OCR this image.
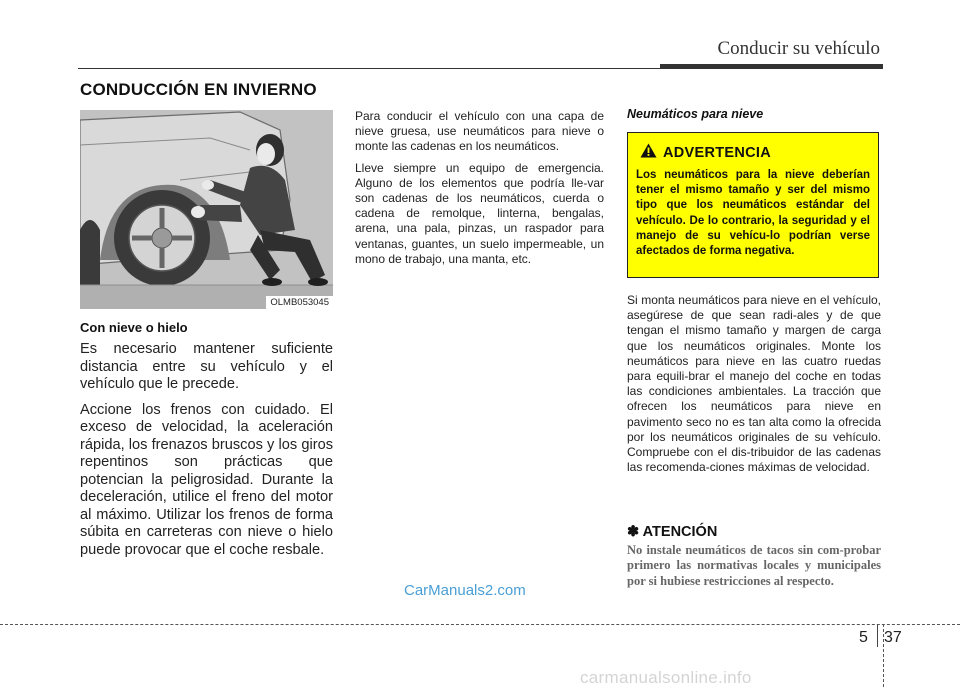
Conducir su vehículo
CONDUCCIÓN EN INVIERNO
OLMB053045
Con nieve o hielo

Es necesario mantener suficiente distancia entre su vehículo y el vehículo que le precede.

Accione los frenos con cuidado. El exceso de velocidad, la aceleración rápida, los frenazos bruscos y los giros repentinos son prácticas que potencian la peligrosidad. Durante la deceleración, utilice el freno del motor al máximo. Utilizar los frenos de forma súbita en carreteras con nieve o hielo puede provocar que el coche resbale.

Para conducir el vehículo con una capa de nieve gruesa, use neumáticos para nieve o monte las cadenas en los neumáticos.

Lleve siempre un equipo de emergencia. Alguno de los elementos que podría lle-var son cadenas de los neumáticos, cuerda o cadena de remolque, linterna, bengalas, arena, una pala, pinzas, un raspador para ventanas, guantes, un suelo impermeable, un mono de trabajo, una manta, etc.

Neumáticos para nieve
ADVERTENCIA
Los neumáticos para la nieve deberían tener el mismo tamaño y ser del mismo tipo que los neumáticos estándar del vehículo. De lo contrario, la seguridad y el manejo de su vehícu-lo podrían verse afectados de forma negativa.

Si monta neumáticos para nieve en el vehículo, asegúrese de que sean radi-ales y de que tengan el mismo tamaño y margen de carga que los neumáticos originales. Monte los neumáticos para nieve en las cuatro ruedas para equili-brar el manejo del coche en todas las condiciones ambientales. La tracción que ofrecen los neumáticos para nieve en pavimento seco no es tan alta como la ofrecida por los neumáticos originales de su vehículo. Compruebe con el dis-tribuidor de las cadenas las recomenda-ciones máximas de velocidad.

✽ ATENCIÓN
No instale neumáticos de tacos sin com-probar primero las normativas locales y municipales por si hubiese restricciones al respecto.
CarManuals2.com
5 37
carmanualsonline.info
